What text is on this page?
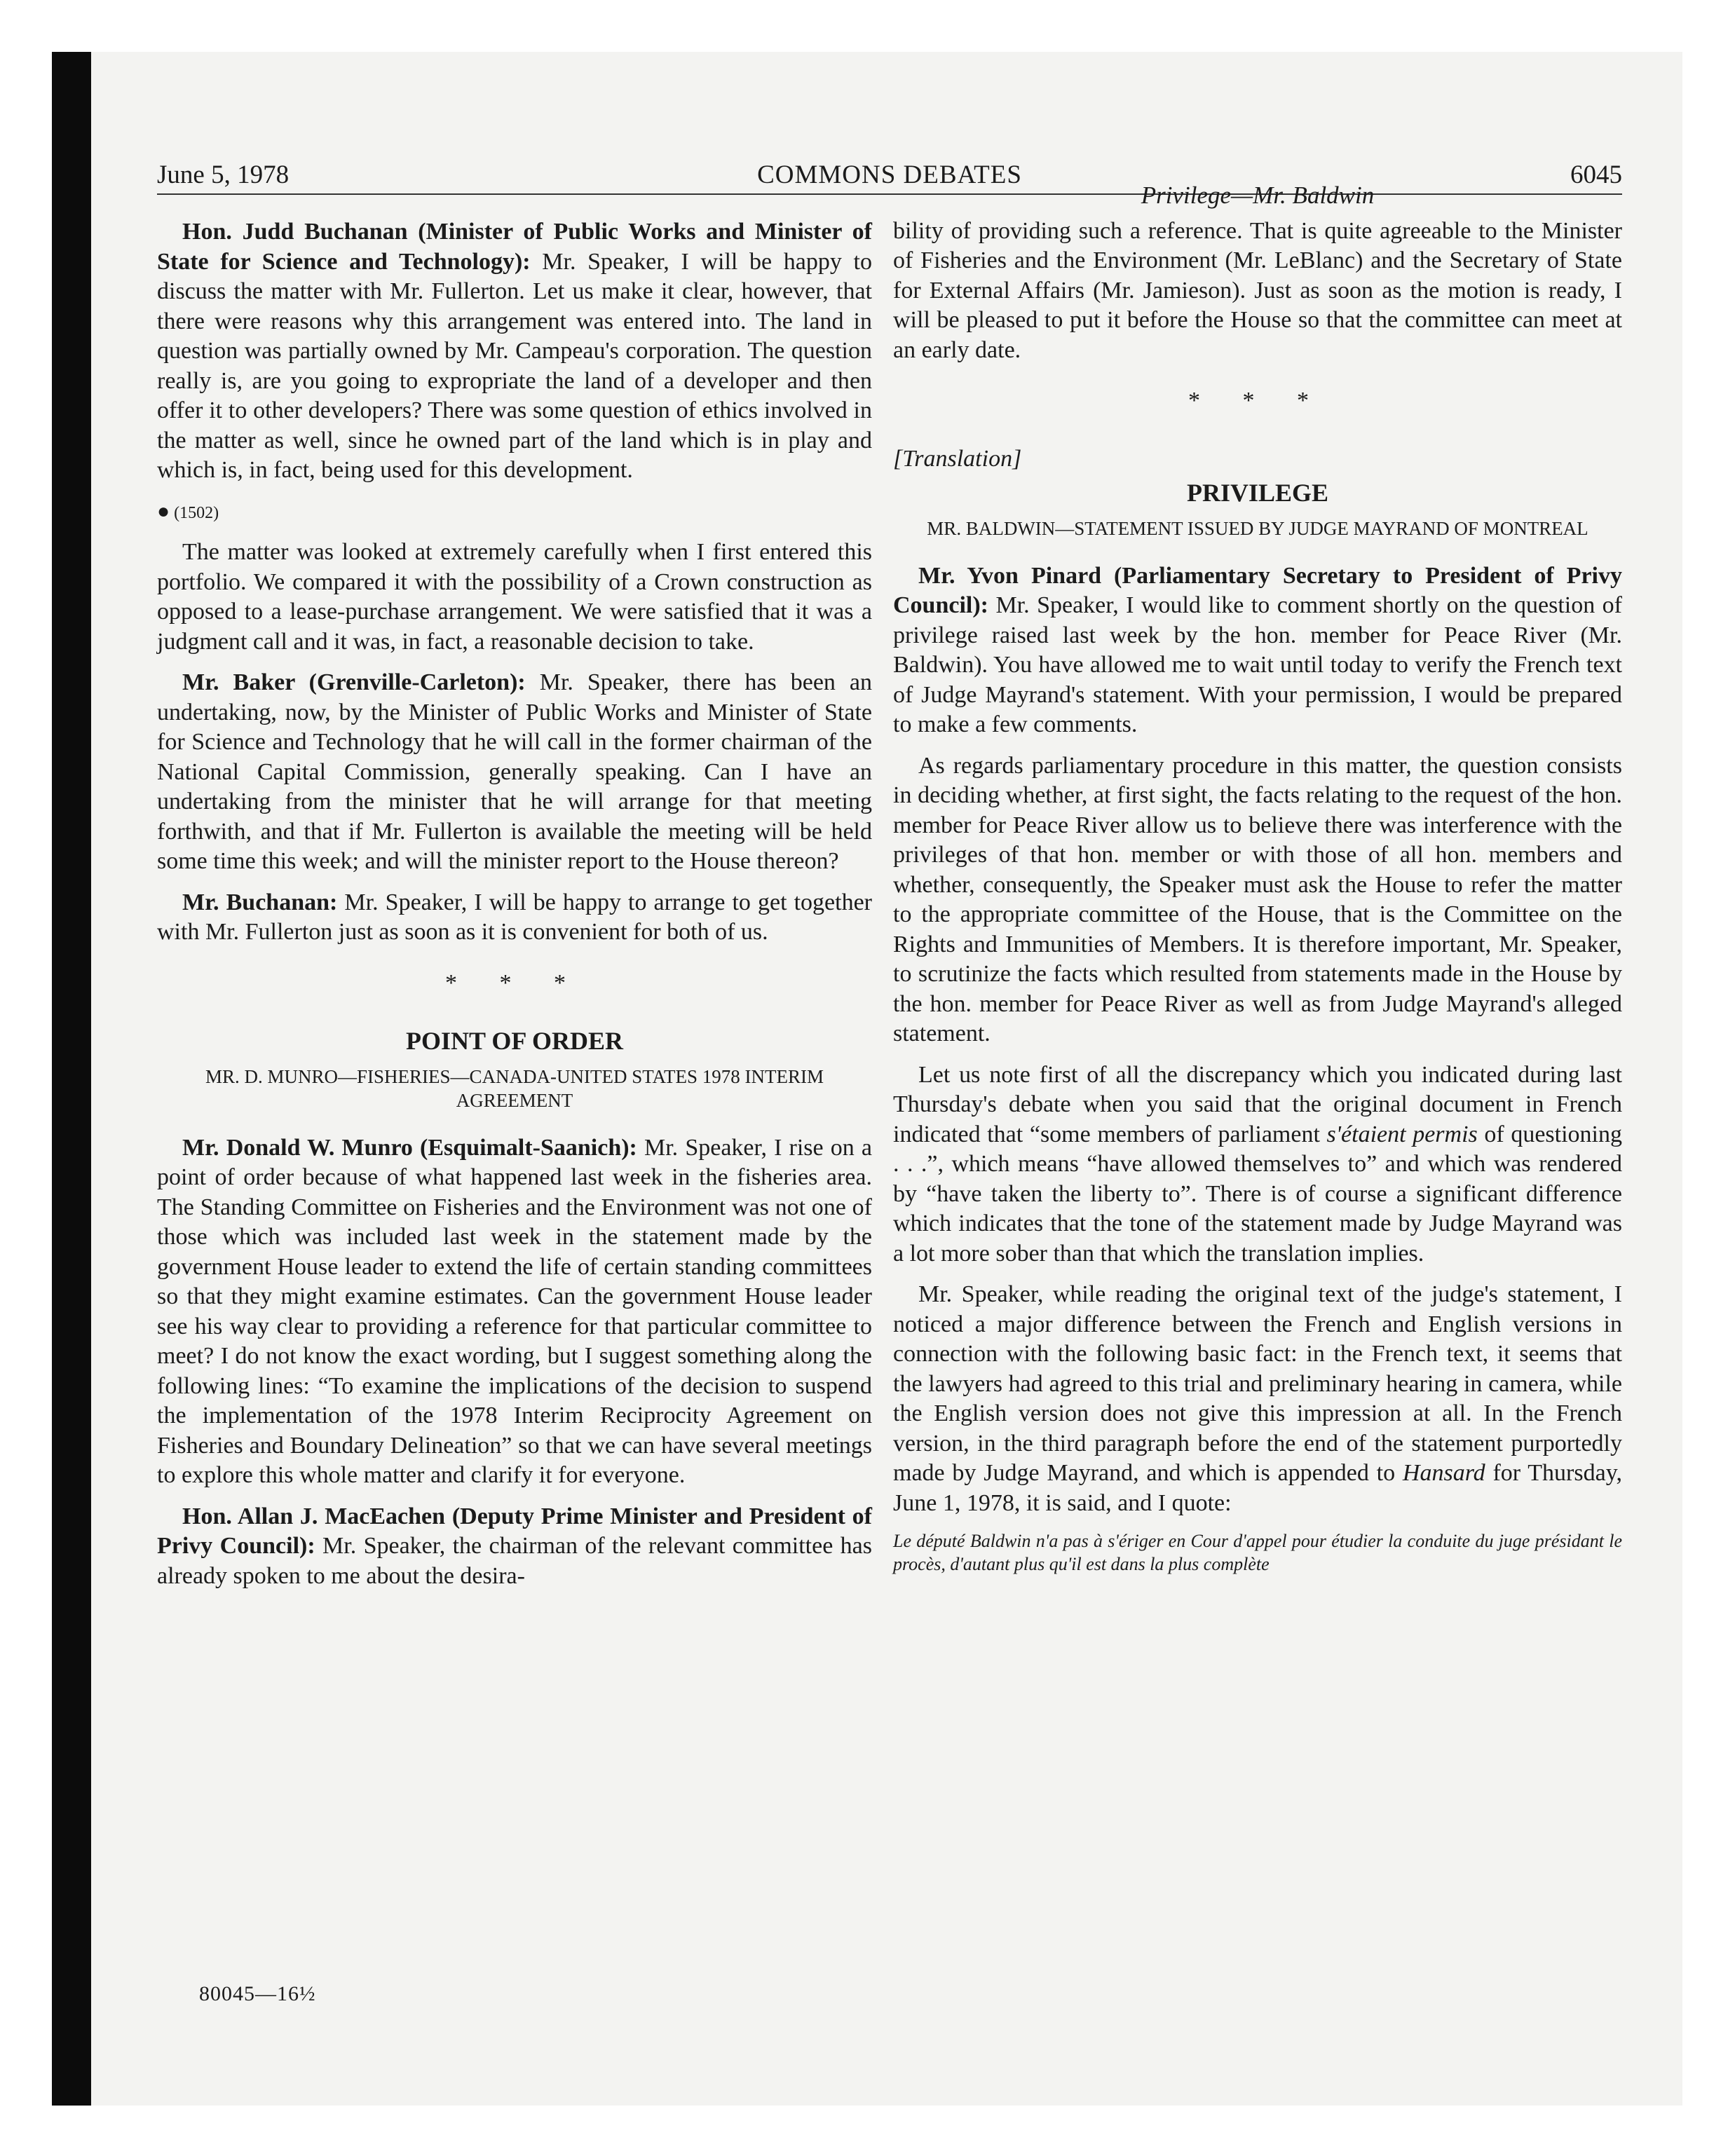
June 5, 1978	COMMONS DEBATES	6045

Hon. Judd Buchanan (Minister of Public Works and Minister of State for Science and Technology): Mr. Speaker, I will be happy to discuss the matter with Mr. Fullerton. Let us make it clear, however, that there were reasons why this arrangement was entered into. The land in question was partially owned by Mr. Campeau's corporation. The question really is, are you going to expropriate the land of a developer and then offer it to other developers? There was some question of ethics involved in the matter as well, since he owned part of the land which is in play and which is, in fact, being used for this development.

● (1502)

The matter was looked at extremely carefully when I first entered this portfolio. We compared it with the possibility of a Crown construction as opposed to a lease-purchase arrangement. We were satisfied that it was a judgment call and it was, in fact, a reasonable decision to take.

Mr. Baker (Grenville-Carleton): Mr. Speaker, there has been an undertaking, now, by the Minister of Public Works and Minister of State for Science and Technology that he will call in the former chairman of the National Capital Commission, generally speaking. Can I have an undertaking from the minister that he will arrange for that meeting forthwith, and that if Mr. Fullerton is available the meeting will be held some time this week; and will the minister report to the House thereon?

Mr. Buchanan: Mr. Speaker, I will be happy to arrange to get together with Mr. Fullerton just as soon as it is convenient for both of us.

* * *
POINT OF ORDER
MR. D. MUNRO—FISHERIES—CANADA-UNITED STATES 1978 INTERIM AGREEMENT

Mr. Donald W. Munro (Esquimalt-Saanich): Mr. Speaker, I rise on a point of order because of what happened last week in the fisheries area. The Standing Committee on Fisheries and the Environment was not one of those which was included last week in the statement made by the government House leader to extend the life of certain standing committees so that they might examine estimates. Can the government House leader see his way clear to providing a reference for that particular committee to meet? I do not know the exact wording, but I suggest something along the following lines: “To examine the implications of the decision to suspend the implementation of the 1978 Interim Reciprocity Agreement on Fisheries and Boundary Delineation” so that we can have several meetings to explore this whole matter and clarify it for everyone.

Hon. Allan J. MacEachen (Deputy Prime Minister and President of Privy Council): Mr. Speaker, the chairman of the relevant committee has already spoken to me about the desira-

Privilege—Mr. Baldwin

bility of providing such a reference. That is quite agreeable to the Minister of Fisheries and the Environment (Mr. LeBlanc) and the Secretary of State for External Affairs (Mr. Jamieson). Just as soon as the motion is ready, I will be pleased to put it before the House so that the committee can meet at an early date.

* * *
[Translation]
PRIVILEGE
MR. BALDWIN—STATEMENT ISSUED BY JUDGE MAYRAND OF MONTREAL

Mr. Yvon Pinard (Parliamentary Secretary to President of Privy Council): Mr. Speaker, I would like to comment shortly on the question of privilege raised last week by the hon. member for Peace River (Mr. Baldwin). You have allowed me to wait until today to verify the French text of Judge Mayrand's statement. With your permission, I would be prepared to make a few comments.

As regards parliamentary procedure in this matter, the question consists in deciding whether, at first sight, the facts relating to the request of the hon. member for Peace River allow us to believe there was interference with the privileges of that hon. member or with those of all hon. members and whether, consequently, the Speaker must ask the House to refer the matter to the appropriate committee of the House, that is the Committee on the Rights and Immunities of Members. It is therefore important, Mr. Speaker, to scrutinize the facts which resulted from statements made in the House by the hon. member for Peace River as well as from Judge Mayrand's alleged statement.

Let us note first of all the discrepancy which you indicated during last Thursday's debate when you said that the original document in French indicated that “some members of parliament s'étaient permis of questioning . . .”, which means “have allowed themselves to” and which was rendered by “have taken the liberty to”. There is of course a significant difference which indicates that the tone of the statement made by Judge Mayrand was a lot more sober than that which the translation implies.

Mr. Speaker, while reading the original text of the judge's statement, I noticed a major difference between the French and English versions in connection with the following basic fact: in the French text, it seems that the lawyers had agreed to this trial and preliminary hearing in camera, while the English version does not give this impression at all. In the French version, in the third paragraph before the end of the statement purportedly made by Judge Mayrand, and which is appended to Hansard for Thursday, June 1, 1978, it is said, and I quote:

Le député Baldwin n'a pas à s'ériger en Cour d'appel pour étudier la conduite du juge présidant le procès, d'autant plus qu'il est dans la plus complète

80045—16½
